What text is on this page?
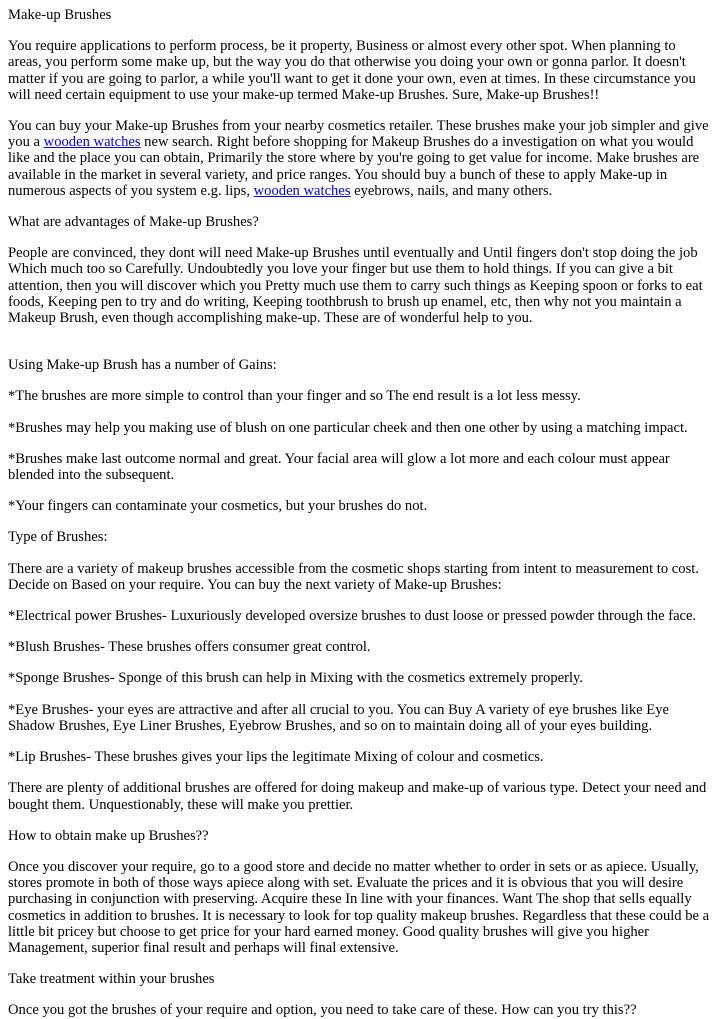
Make-up Brushes

You require applications to perform process, be it property, Business or almost every other spot. When planning to areas, you perform some make up, but the way you do that otherwise you doing your own or gonna parlor. It doesn't matter if you are going to parlor, a while you'll want to get it done your own, even at times. In these circumstance you will need certain equipment to use your make-up termed Make-up Brushes. Sure, Make-up Brushes!!

You can buy your Make-up Brushes from your nearby cosmetics retailer. These brushes make your job simpler and give you a wooden watches new search. Right before shopping for Makeup Brushes do a investigation on what you would like and the place you can obtain, Primarily the store where by you're going to get value for income. Make brushes are available in the market in several variety, and price ranges. You should buy a bunch of these to apply Make-up in numerous aspects of you system e.g. lips, wooden watches eyebrows, nails, and many others.

What are advantages of Make-up Brushes?

People are convinced, they dont will need Make-up Brushes until eventually and Until fingers don't stop doing the job Which much too so Carefully. Undoubtedly you love your finger but use them to hold things. If you can give a bit attention, then you will discover which you Pretty much use them to carry such things as Keeping spoon or forks to eat foods, Keeping pen to try and do writing, Keeping toothbrush to brush up enamel, etc, then why not you maintain a Makeup Brush, even though accomplishing make-up. These are of wonderful help to you.

Using Make-up Brush has a number of Gains:

*The brushes are more simple to control than your finger and so The end result is a lot less messy.

*Brushes may help you making use of blush on one particular cheek and then one other by using a matching impact.

*Brushes make last outcome normal and great. Your facial area will glow a lot more and each colour must appear blended into the subsequent.

*Your fingers can contaminate your cosmetics, but your brushes do not.

Type of Brushes:

There are a variety of makeup brushes accessible from the cosmetic shops starting from intent to measurement to cost. Decide on Based on your require. You can buy the next variety of Make-up Brushes:

*Electrical power Brushes- Luxuriously developed oversize brushes to dust loose or pressed powder through the face.

*Blush Brushes- These brushes offers consumer great control.

*Sponge Brushes- Sponge of this brush can help in Mixing with the cosmetics extremely properly.

*Eye Brushes- your eyes are attractive and after all crucial to you. You can Buy A variety of eye brushes like Eye Shadow Brushes, Eye Liner Brushes, Eyebrow Brushes, and so on to maintain doing all of your eyes building.

*Lip Brushes- These brushes gives your lips the legitimate Mixing of colour and cosmetics.

There are plenty of additional brushes are offered for doing makeup and make-up of various type. Detect your need and bought them. Unquestionably, these will make you prettier.

How to obtain make up Brushes??

Once you discover your require, go to a good store and decide no matter whether to order in sets or as apiece. Usually, stores promote in both of those ways apiece along with set. Evaluate the prices and it is obvious that you will desire purchasing in conjunction with preserving. Acquire these In line with your finances. Want The shop that sells equally cosmetics in addition to brushes. It is necessary to look for top quality makeup brushes. Regardless that these could be a little bit pricey but choose to get price for your hard earned money. Good quality brushes will give you higher Management, superior final result and perhaps will final extensive.

Take treatment within your brushes

Once you got the brushes of your require and option, you need to take care of these. How can you try this??
